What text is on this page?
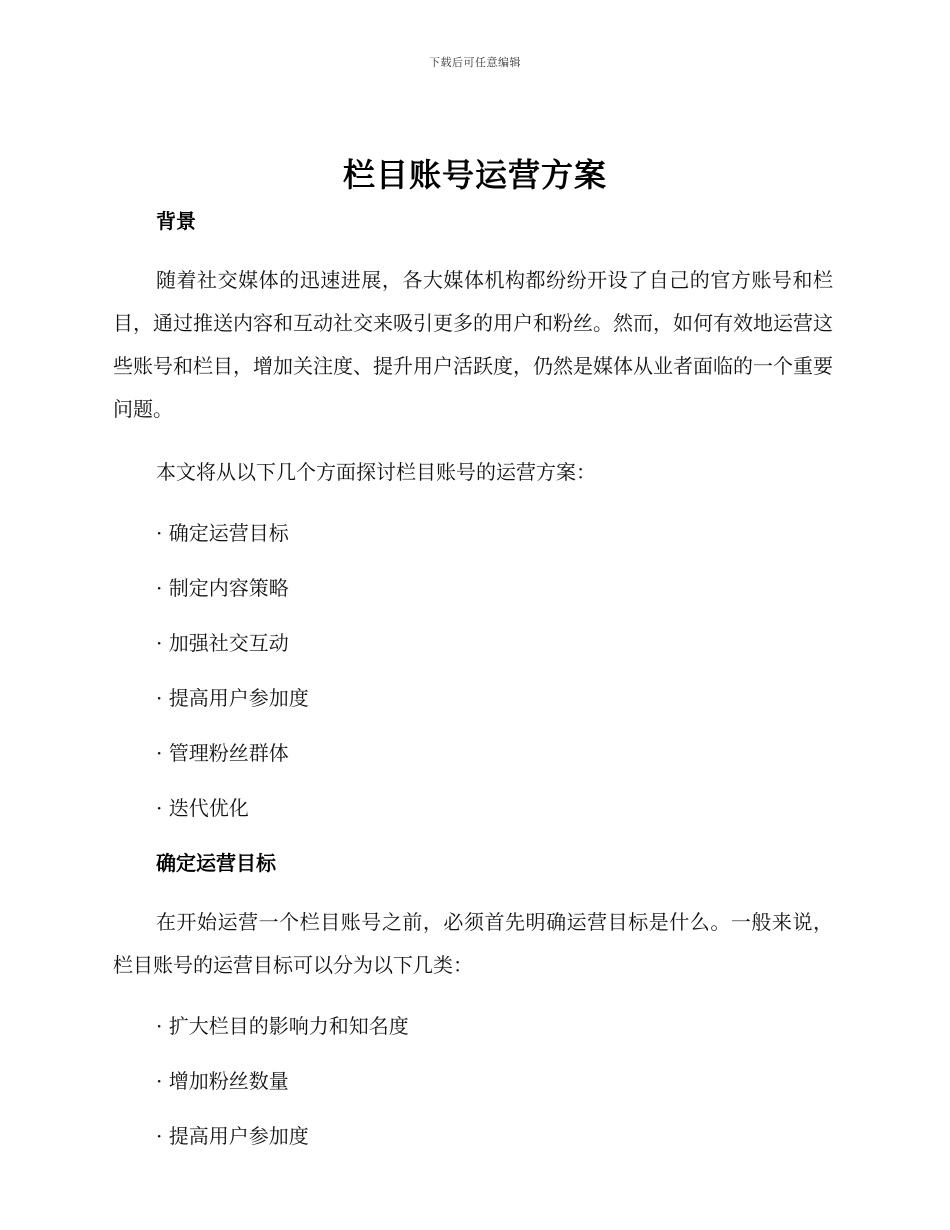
下载后可任意编辑
栏目账号运营方案
背景

随着社交媒体的迅速进展，各大媒体机构都纷纷开设了自己的官方账号和栏目，通过推送内容和互动社交来吸引更多的用户和粉丝。然而，如何有效地运营这些账号和栏目，增加关注度、提升用户活跃度，仍然是媒体从业者面临的一个重要问题。

本文将从以下几个方面探讨栏目账号的运营方案：

· 确定运营目标
· 制定内容策略
· 加强社交互动
· 提高用户参加度
· 管理粉丝群体
· 迭代优化
确定运营目标

在开始运营一个栏目账号之前，必须首先明确运营目标是什么。一般来说，栏目账号的运营目标可以分为以下几类：

· 扩大栏目的影响力和知名度
· 增加粉丝数量
· 提高用户参加度
